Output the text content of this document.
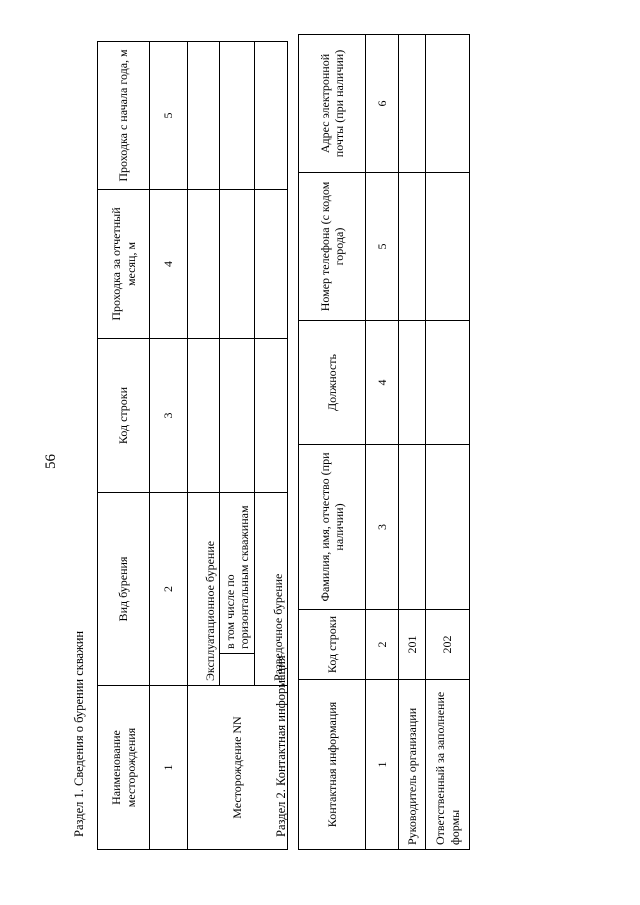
56
Раздел 1. Сведения о бурении скважин Наименование месторождения	Вид бурения		Код строки	Проходка за отчетный месяц, м	Проходка с начала года, м
1	2		3	4	5
Месторождение NN	Эксплуатационное бурение				
		в том числе по горизонтальным скважинам			
	Разведочное бурение				
Раздел 2. Контактная информация	Контактная информация	Код строки	Фамилия, имя, отчество (при наличии)	Должность	Номер телефона (с кодом города)	Адрес электронной почты (при наличии)
1	2	3	4	5	6
Руководитель организации	201				
Ответственный за заполнение формы	202				
